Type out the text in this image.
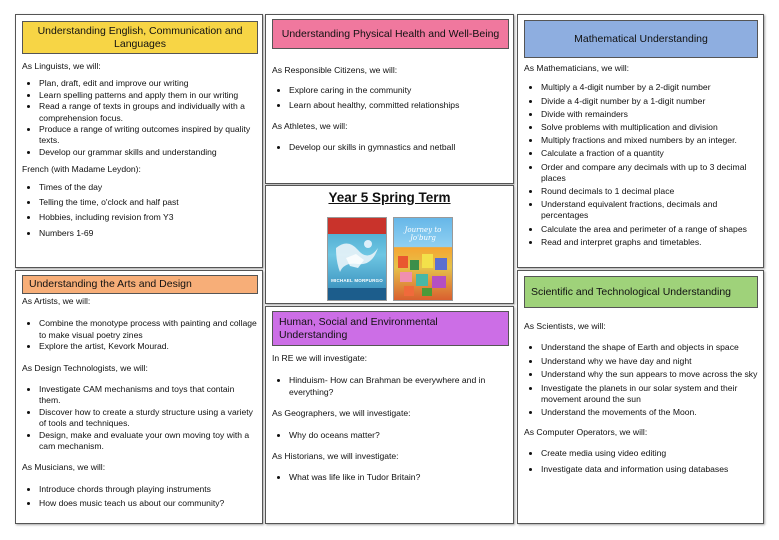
Understanding English, Communication and Languages

As Linguists, we will:

• Plan, draft, edit and improve our writing
• Learn spelling patterns and apply them in our writing
• Read a range of texts in groups and individually with a comprehension focus.
• Produce a range of writing outcomes inspired by quality texts.
• Develop our grammar skills and understanding

French (with Madame Leydon):

• Times of the day
• Telling the time, o'clock and half past
• Hobbies, including revision from Y3
• Numbers 1-69
Understanding Physical Health and Well-Being

As Responsible Citizens, we will:

• Explore caring in the community
• Learn about healthy, committed relationships

As Athletes, we will:

• Develop our skills in gymnastics and netball
Mathematical Understanding

As Mathematicians, we will:

• Multiply a 4-digit number by a 2-digit number
• Divide a 4-digit number by a 1-digit number
• Divide with remainders
• Solve problems with multiplication and division
• Multiply fractions and mixed numbers by an integer.
• Calculate a fraction of a quantity
• Order and compare any decimals with up to 3 decimal places
• Round decimals to 1 decimal place
• Understand equivalent fractions, decimals and percentages
• Calculate the area and perimeter of a range of shapes
• Read and interpret graphs and timetables.
Year 5 Spring Term
MICHAEL MORPURGO
Journey to Jo'burg
Understanding the Arts and Design

As Artists, we will:

• Combine the monotype process with painting and collage to make visual poetry zines
• Explore the artist, Kevork Mourad.

As Design Technologists, we will:

• Investigate CAM mechanisms and toys that contain them.
• Discover how to create a sturdy structure using a variety of tools and techniques.
• Design, make and evaluate your own moving toy with a cam mechanism.

As Musicians, we will:

• Introduce chords through playing instruments
• How does music teach us about our community?
Human, Social and Environmental Understanding

In RE we will investigate:

• Hinduism- How can Brahman be everywhere and in everything?

As Geographers, we will investigate:

• Why do oceans matter?

As Historians, we will investigate:

• What was life like in Tudor Britain?
Scientific and Technological Understanding

As Scientists, we will:

• Understand the shape of Earth and objects in space
• Understand why we have day and night
• Understand why the sun appears to move across the sky
• Investigate the planets in our solar system and their movement around the sun
• Understand the movements of the Moon.

As Computer Operators, we will:

• Create media using video editing
• Investigate data and information using databases
